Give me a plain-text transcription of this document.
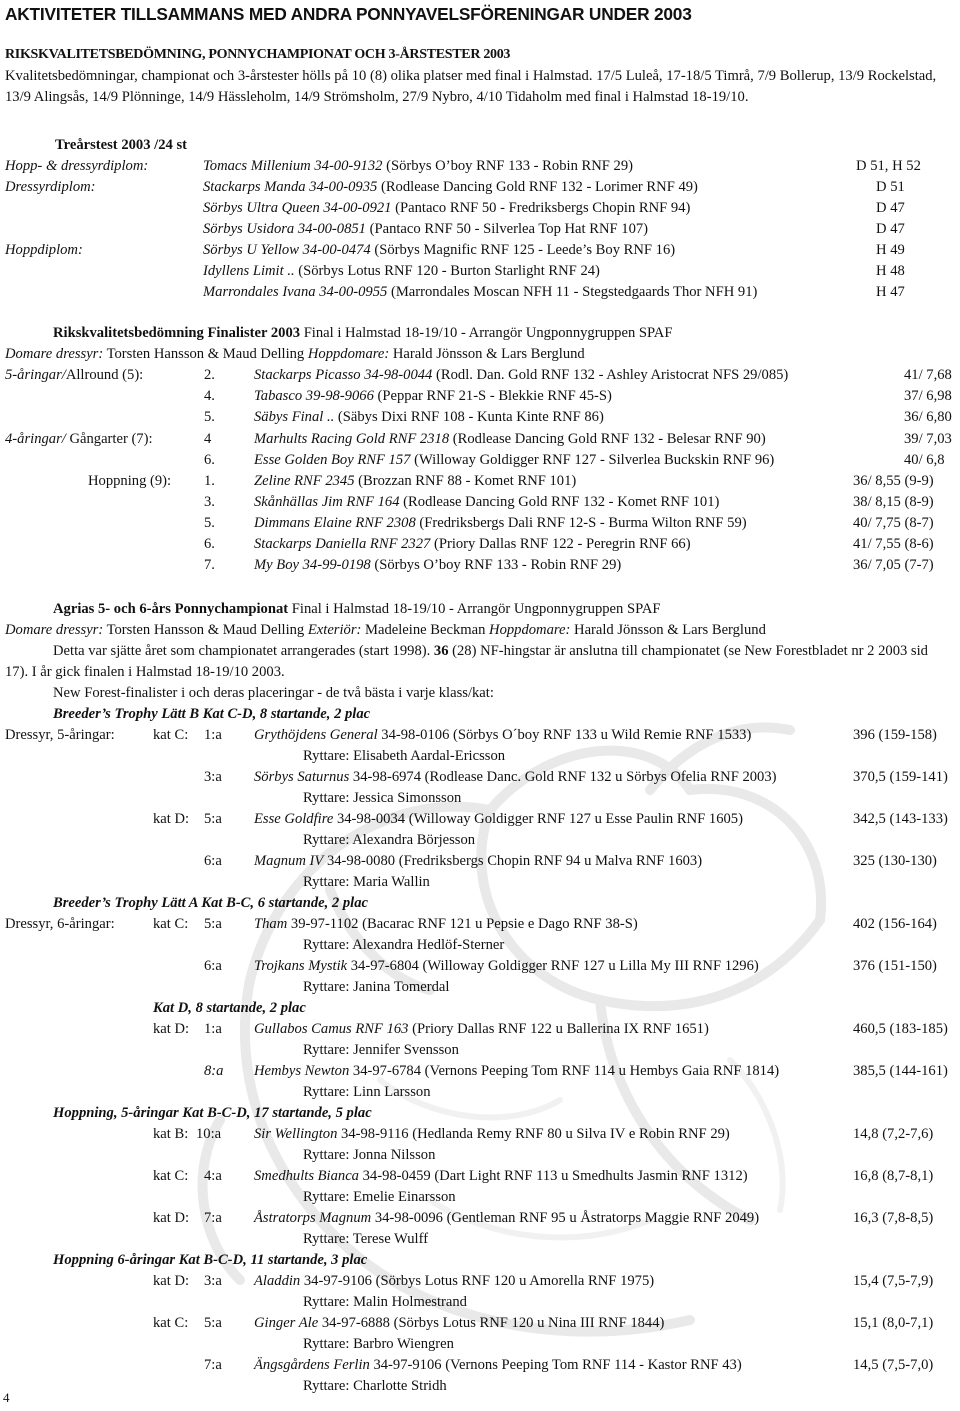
AKTIVITETER TILLSAMMANS MED ANDRA PONNYAVELSFÖRENINGAR UNDER 2003
RIKSKVALITETSBEDÖMNING, PONNYCHAMPIONAT OCH 3-ÅRSTESTER 2003
Kvalitetsbedömningar, championat och 3-årstester hölls på 10 (8) olika platser med final i Halmstad. 17/5 Luleå, 17-18/5 Timrå, 7/9 Bollerup, 13/9 Rockelstad, 13/9 Alingsås, 14/9 Plönninge, 14/9 Hässleholm, 14/9 Strömsholm, 27/9 Nybro, 4/10 Tidaholm med final i Halmstad 18-19/10.
Treårstest 2003 /24 st
Hopp- & dressyrdiplom:	Tomacs Millenium 34-00-9132 (Sörbys O’boy RNF 133 - Robin RNF 29)	D 51, H 52
Dressyrdiplom:	Stackarps Manda 34-00-0935 (Rodlease Dancing Gold RNF 132 - Lorimer RNF 49)	D 51
Sörbys Ultra Queen 34-00-0921 (Pantaco RNF 50 - Fredriksbergs Chopin RNF 94)	D 47
Sörbys Usidora 34-00-0851 (Pantaco RNF 50 - Silverlea Top Hat RNF 107)	D 47
Hoppdiplom:	Sörbys U Yellow 34-00-0474 (Sörbys Magnific RNF 125 - Leede’s Boy RNF 16)	H 49
Idyllens Limit .. (Sörbys Lotus RNF 120 - Burton Starlight RNF 24)	H 48
Marrondales Ivana 34-00-0955 (Marrondales Moscan NFH 11 - Stegstedgaards Thor NFH 91)	H 47
Rikskvalitetsbedömning Finalister 2003 Final i Halmstad 18-19/10 - Arrangör Ungponnygruppen SPAF
Domare dressyr: Torsten Hansson & Maud Delling Hoppdomare: Harald Jönsson & Lars Berglund
5-åringar/Allround (5):	2.	Stackarps Picasso 34-98-0044 (Rodl. Dan. Gold RNF 132 - Ashley Aristocrat NFS 29/085)	41/ 7,68
4.	Tabasco 39-98-9066 (Peppar RNF 21-S - Blekkie RNF 45-S)	37/ 6,98
5.	Säbys Final .. (Säbys Dixi RNF 108 - Kunta Kinte RNF 86)	36/ 6,80
4-åringar/ Gångarter (7):	4	Marhults Racing Gold RNF 2318 (Rodlease Dancing Gold RNF 132 - Belesar RNF 90)	39/ 7,03
6.	Esse Golden Boy RNF 157 (Willoway Goldigger RNF 127 - Silverlea Buckskin RNF 96)	40/ 6,8
Hoppning (9): 1.	Zeline RNF 2345 (Brozzan RNF 88 - Komet RNF 101)	36/ 8,55 (9-9)
3.	Skånhällas Jim RNF 164 (Rodlease Dancing Gold RNF 132 - Komet RNF 101)	38/ 8,15 (8-9)
5.	Dimmans Elaine RNF 2308 (Fredriksbergs Dali RNF 12-S - Burma Wilton RNF 59)	40/ 7,75 (8-7)
6.	Stackarps Daniella RNF 2327 (Priory Dallas RNF 122 - Peregrin RNF 66)	41/ 7,55 (8-6)
7.	My Boy 34-99-0198 (Sörbys O’boy RNF 133 - Robin RNF 29)	36/ 7,05 (7-7)
Agrias 5- och 6-års Ponnychampionat Final i Halmstad 18-19/10 - Arrangör Ungponnygruppen SPAF
Domare dressyr: Torsten Hansson & Maud Delling Exteriör: Madeleine Beckman Hoppdomare: Harald Jönsson & Lars Berglund
Detta var sjätte året som championatet arrangerades (start 1998). 36 (28) NF-hingstar är anslutna till championatet (se New Forestbladet nr 2 2003 sid 17). I år gick finalen i Halmstad 18-19/10 2003.
New Forest-finalister i och deras placeringar - de två bästa i varje klass/kat:
Breeder’s Trophy Lätt B Kat C-D, 8 startande, 2 plac
Dressyr, 5-åringar:	kat C: 1:a Grythöjdens General 34-98-0106 (Sörbys O´boy RNF 133 u Wild Remie RNF 1533)	396 (159-158)
Ryttare: Elisabeth Aardal-Ericsson
3:a Sörbys Saturnus 34-98-6974 (Rodlease Danc. Gold RNF 132 u Sörbys Ofelia RNF 2003)	370,5 (159-141)
Ryttare: Jessica Simonsson
kat D: 5:a Esse Goldfire 34-98-0034 (Willoway Goldigger RNF 127 u Esse Paulin RNF 1605)	342,5 (143-133)
Ryttare: Alexandra Börjesson
6:a Magnum IV 34-98-0080 (Fredriksbergs Chopin RNF 94 u Malva RNF 1603)	325 (130-130)
Ryttare: Maria Wallin
Breeder’s Trophy Lätt A Kat B-C, 6 startande, 2 plac
Dressyr, 6-åringar:	kat C: 5:a Tham 39-97-1102 (Bacarac RNF 121 u Pepsie e Dago RNF 38-S)	402 (156-164)
Ryttare: Alexandra Hedlöf-Sterner
6:a Trojkans Mystik 34-97-6804 (Willoway Goldigger RNF 127 u Lilla My III RNF 1296)	376 (151-150)
Ryttare: Janina Tomerdal
Kat D, 8 startande, 2 plac
kat D: 1:a Gullabos Camus RNF 163 (Priory Dallas RNF 122 u Ballerina IX RNF 1651)	460,5 (183-185)
Ryttare: Jennifer Svensson
8:a Hembys Newton 34-97-6784 (Vernons Peeping Tom RNF 114 u Hembys Gaia RNF 1814)	385,5 (144-161)
Ryttare: Linn Larsson
Hoppning, 5-åringar Kat B-C-D, 17 startande, 5 plac
kat B: 10:a Sir Wellington 34-98-9116 (Hedlanda Remy RNF 80 u Silva IV e Robin RNF 29)	14,8 (7,2-7,6)
Ryttare: Jonna Nilsson
kat C: 4:a Smedhults Bianca 34-98-0459 (Dart Light RNF 113 u Smedhults Jasmin RNF 1312)	16,8 (8,7-8,1)
Ryttare: Emelie Einarsson
kat D: 7:a Åstratorps Magnum 34-98-0096 (Gentleman RNF 95 u Åstratorps Maggie RNF 2049)	16,3 (7,8-8,5)
Ryttare: Terese Wulff
Hoppning 6-åringar Kat B-C-D, 11 startande, 3 plac
kat D: 3:a Aladdin 34-97-9106 (Sörbys Lotus RNF 120 u Amorella RNF 1975)	15,4 (7,5-7,9)
Ryttare: Malin Holmestrand
kat C: 5:a Ginger Ale 34-97-6888 (Sörbys Lotus RNF 120 u Nina III RNF 1844)	15,1 (8,0-7,1)
Ryttare: Barbro Wiengren
7:a Ängsgårdens Ferlin 34-97-9106 (Vernons Peeping Tom RNF 114 - Kastor RNF 43)	14,5 (7,5-7,0)
Ryttare: Charlotte Stridh
4
